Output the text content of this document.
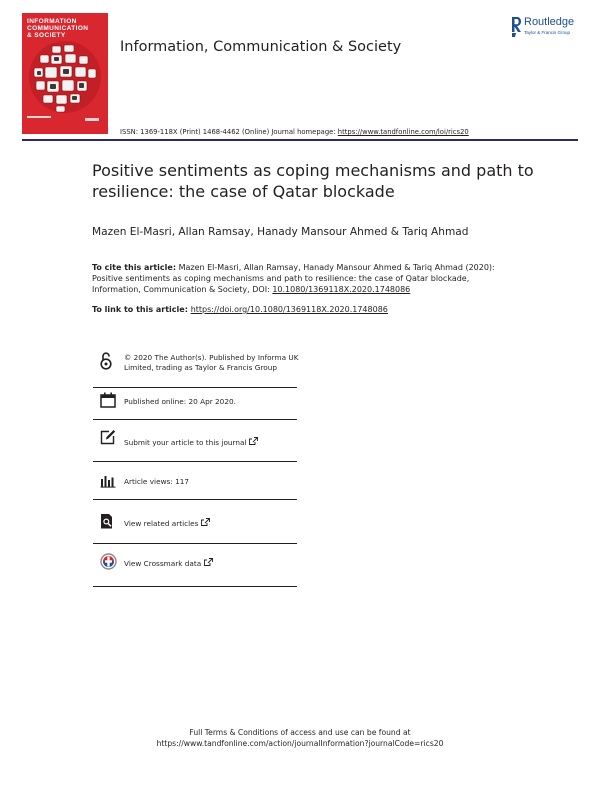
INFORMATION
COMMUNICATION
& SOCIETY
Information, Communication & Society
Routledge
Taylor & Francis Group
ISSN: 1369-118X (Print) 1468-4462 (Online) Journal homepage: https://www.tandfonline.com/loi/rics20
Positive sentiments as coping mechanisms and path to resilience: the case of Qatar blockade
Mazen El-Masri, Allan Ramsay, Hanady Mansour Ahmed & Tariq Ahmad
To cite this article: Mazen El-Masri, Allan Ramsay, Hanady Mansour Ahmed & Tariq Ahmad (2020): Positive sentiments as coping mechanisms and path to resilience: the case of Qatar blockade, Information, Communication & Society, DOI: 10.1080/1369118X.2020.1748086
To link to this article: https://doi.org/10.1080/1369118X.2020.1748086
© 2020 The Author(s). Published by Informa UK Limited, trading as Taylor & Francis Group
Published online: 20 Apr 2020.
Submit your article to this journal
Article views: 117
View related articles
View Crossmark data
Full Terms & Conditions of access and use can be found at
https://www.tandfonline.com/action/journalInformation?journalCode=rics20
